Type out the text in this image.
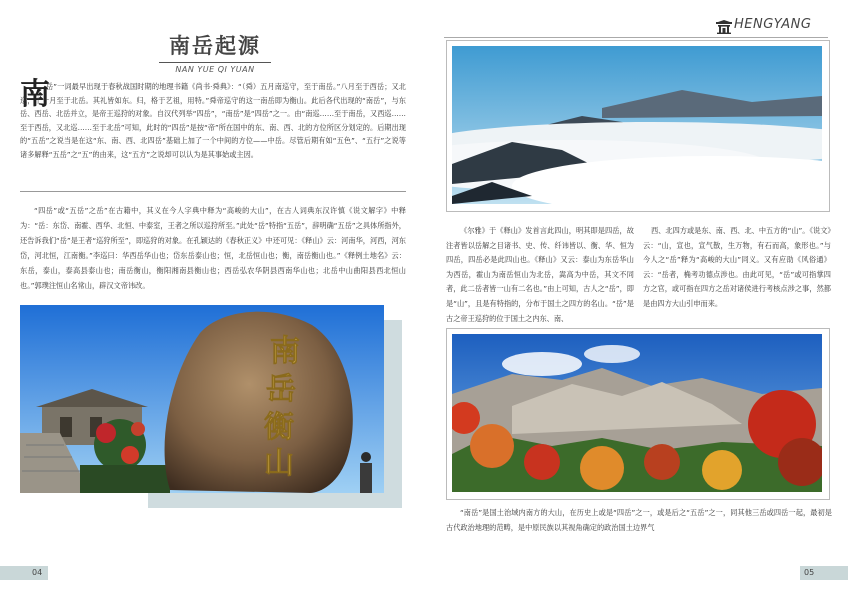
南岳起源
NAN YUE QI YUAN
南
岳”一词最早出现于春秋战国时期的地理书籍《尚书·舜典》：“（舜）五月南巡守，至于南岳。”八月至于西岳；又北巡，十一月至于北岳。其礼皆如东。归，格于艺祖，用特。”舜帝巡守的这一南岳即为衡山。此后各代出现的“南岳”，与东岳、西岳、北岳并立，是帝王巡狩的对象。自汉代列举“四岳”，“南岳”是“四岳”之一。由“南巡……至于南岳，又西巡……至于西岳，又北巡……至于北岳”可知，此时的“四岳”是按“帝”所在国中的东、南、西、北的方位所区分划定的。后期出现的“五岳”之说当是在这“东、南、西、北四岳”基础上加了一个中间的方位——中岳。尽管后期有如“五色”、“五行”之说等诸多解释“五岳”之“五”的由来，这“五方”之说却可以认为是其事始或主因。
“四岳”或“五岳”之岳”在古籍中，其义在今人字典中释为“高峻的大山”，在古人词典东汉许慎《说文解字》中释为：“岳：东岱、南霍、西华、北恒、中泰室，王者之所以巡狩所至。”此处“岳”特指“五岳”，辞明确“五岳”之具体所指外，还告诉我们“岳”是王者“巡狩所至”，即巡狩的对象。在孔颖达的《春秋正义》中还可见：《释山》云：河南华，河西，河东岱，河北恒，江南衡。”李巡曰：华西岳华山也；岱东岳泰山也；恒，北岳恒山也；衡，南岳衡山也。”《释例土地名》云：东岳，泰山，泰高县泰山也；南岳衡山，衡阳湘南县衡山也；西岳弘农华阴县西南华山也；北岳中山曲阳县西北恒山也。”郭璞注恒山名常山，辟汉文帝讳改。
南
岳
衡
山
04
HENGYANG
《尔雅》于《释山》发首言此四山，明其即是四岳，故注者皆以岳解之目诸书、史、传、纤讳皆以、衡、华、恒为四岳，四岳必是此四山也。《释山》又云：泰山为东岳华山为西岳，霍山为南岳恒山为北岳，嵩高为中岳，其文不同者，此二岳者皆一山有二名也。”由上可知，古人之“岳”，即是“山”，且是有特指的，分布于国土之四方的名山。“岳”是古之帝王巡狩的位于国土之内东、南、
西、北四方或是东、南、西、北、中五方的“山”。《说文》云：“山，宣也，宣气散，生万物，有石而高，象形也。”与今人之“岳”释为“高峻的大山”同义。又有应劭《风俗通》云：“岳者，桷考功德点涉也。由此可见，“岳”或可指掌四方之官，或可指在四方之岳对诸侯进行考核点涉之事，然都是由四方大山引申而来。
“南岳”是国土治域内南方的大山，在历史上或是“四岳”之一，或是后之“五岳”之一，同其他三岳或四岳一起，最初是古代政治地理的范畴，是中原民族以其视角确定的政治国土边界气
05
